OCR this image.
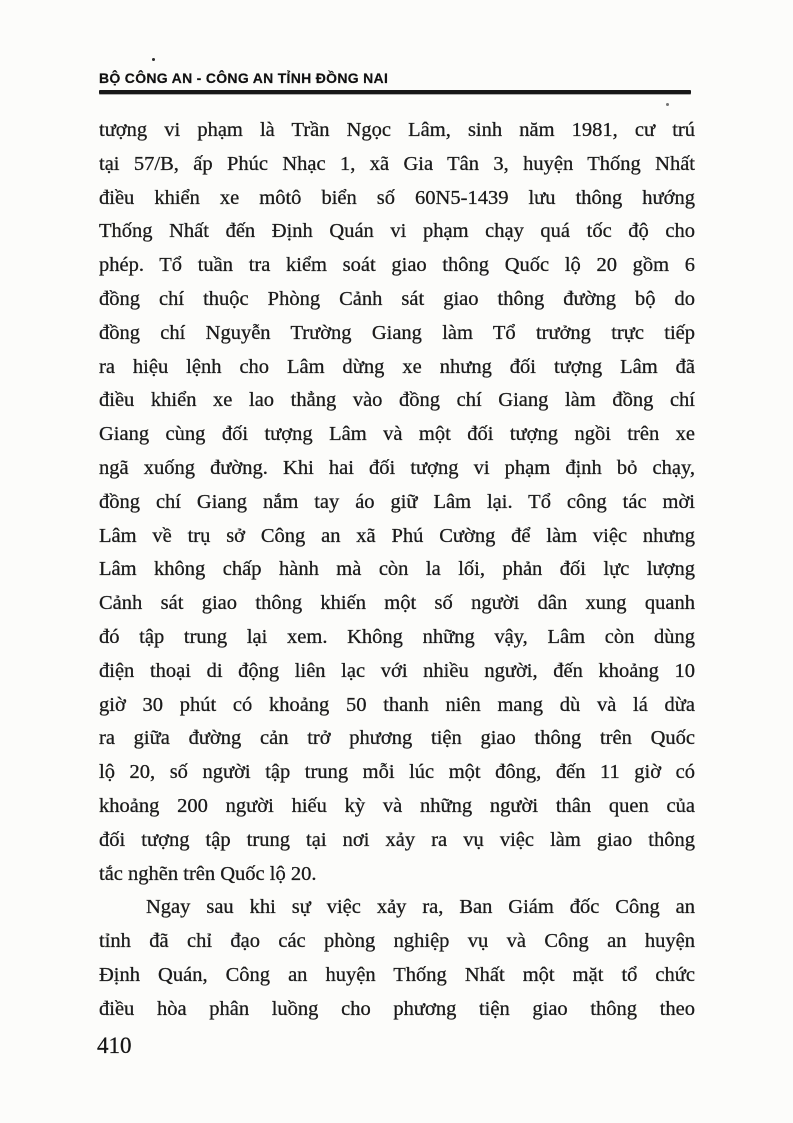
BỘ CÔNG AN - CÔNG AN TỈNH ĐỒNG NAI
tượng vi phạm là Trần Ngọc Lâm, sinh năm 1981, cư trú
tại 57/B, ấp Phúc Nhạc 1, xã Gia Tân 3, huyện Thống Nhất
điều khiển xe môtô biển số 60N5-1439 lưu thông hướng
Thống Nhất đến Định Quán vi phạm chạy quá tốc độ cho
phép. Tổ tuần tra kiểm soát giao thông Quốc lộ 20 gồm 6
đồng chí thuộc Phòng Cảnh sát giao thông đường bộ do
đồng chí Nguyễn Trường Giang làm Tổ trưởng trực tiếp
ra hiệu lệnh cho Lâm dừng xe nhưng đối tượng Lâm đã
điều khiển xe lao thẳng vào đồng chí Giang làm đồng chí
Giang cùng đối tượng Lâm và một đối tượng ngồi trên xe
ngã xuống đường. Khi hai đối tượng vi phạm định bỏ chạy,
đồng chí Giang nắm tay áo giữ Lâm lại. Tổ công tác mời
Lâm về trụ sở Công an xã Phú Cường để làm việc nhưng
Lâm không chấp hành mà còn la lối, phản đối lực lượng
Cảnh sát giao thông khiến một số người dân xung quanh
đó tập trung lại xem. Không những vậy, Lâm còn dùng
điện thoại di động liên lạc với nhiều người, đến khoảng 10
giờ 30 phút có khoảng 50 thanh niên mang dù và lá dừa
ra giữa đường cản trở phương tiện giao thông trên Quốc
lộ 20, số người tập trung mỗi lúc một đông, đến 11 giờ có
khoảng 200 người hiếu kỳ và những người thân quen của
đối tượng tập trung tại nơi xảy ra vụ việc làm giao thông
tắc nghẽn trên Quốc lộ 20.
Ngay sau khi sự việc xảy ra, Ban Giám đốc Công an
tỉnh đã chỉ đạo các phòng nghiệp vụ và Công an huyện
Định Quán, Công an huyện Thống Nhất một mặt tổ chức
điều hòa phân luồng cho phương tiện giao thông theo
410
